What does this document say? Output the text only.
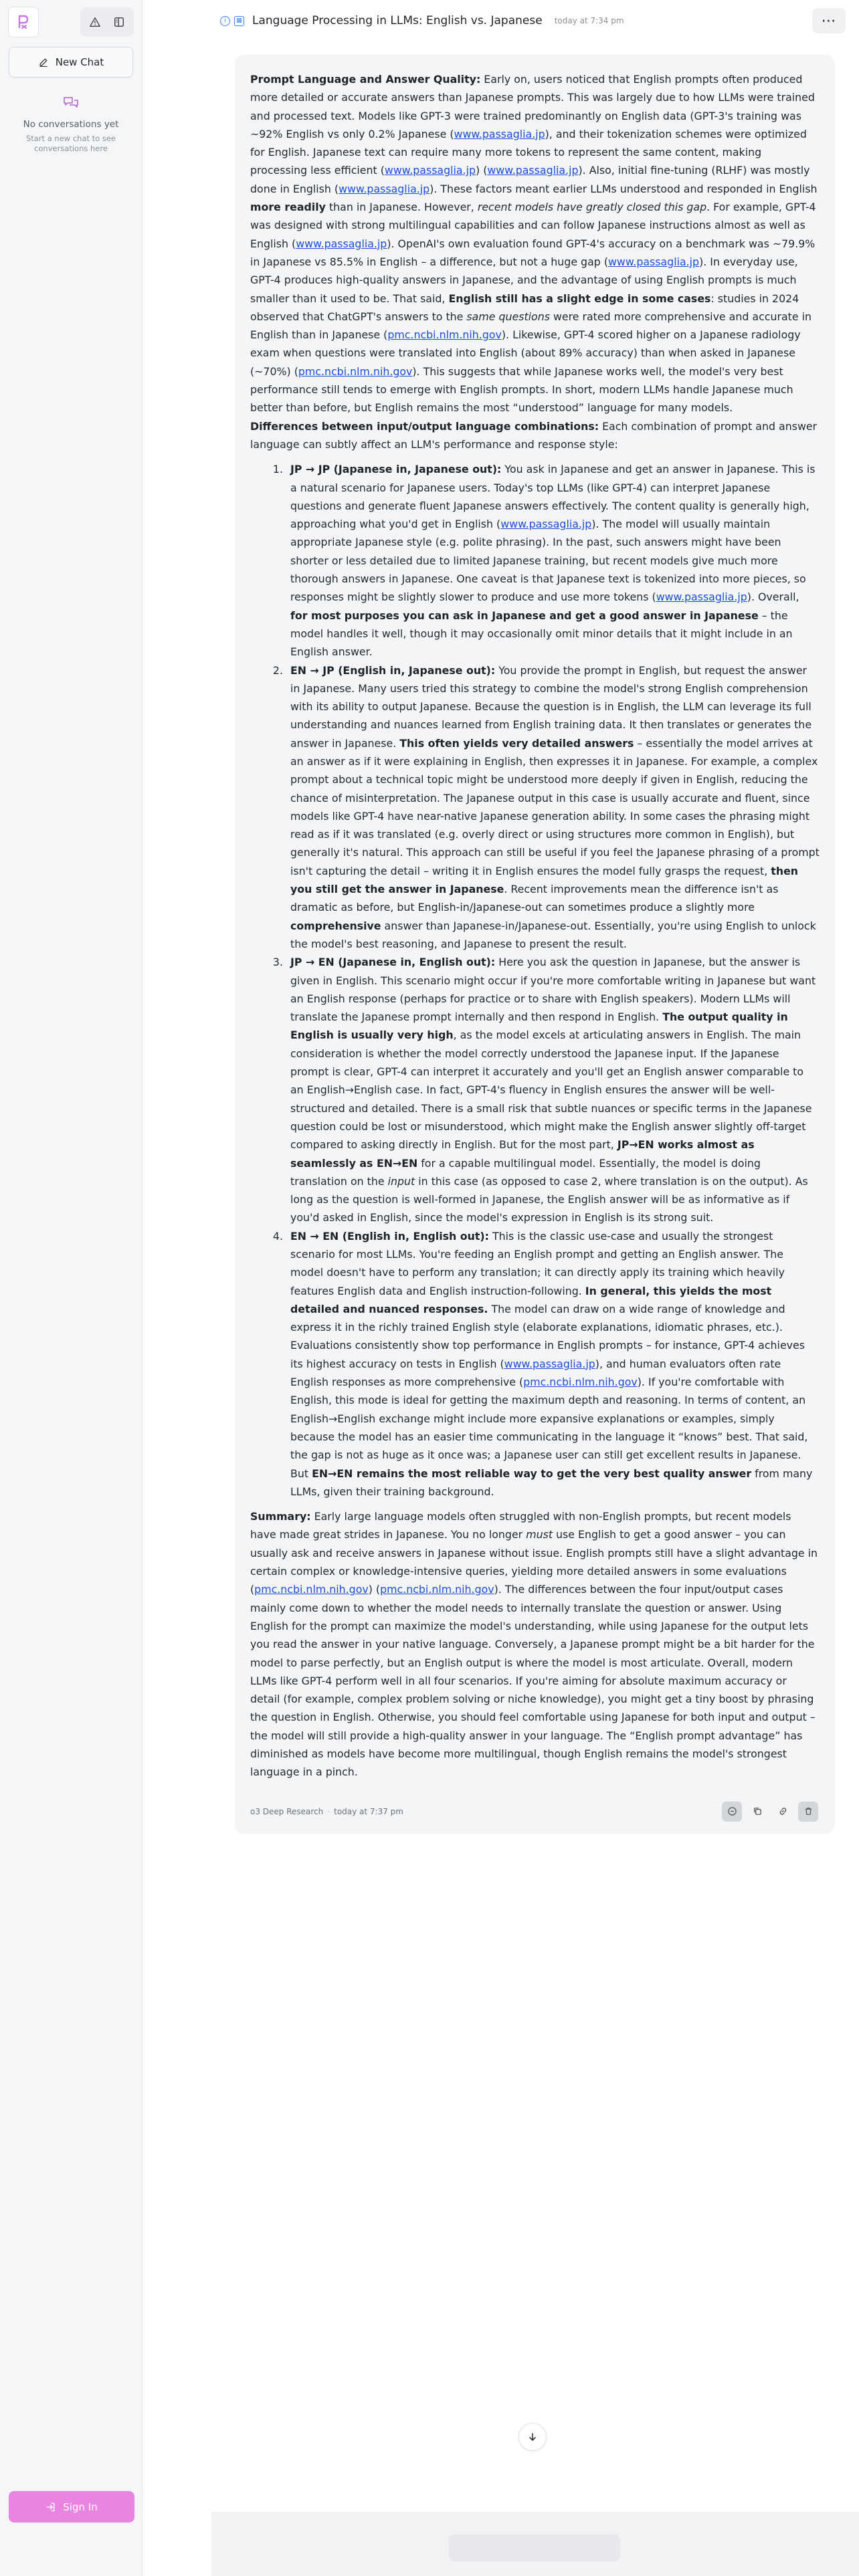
New Chat
No conversations yet
Start a new chat to see conversations here
Sign In
i	▦ Language Processing in LLMs: English vs. Japanese today at 7:34 pm	⋯

Prompt Language and Answer Quality: Early on, users noticed that English prompts often produced more detailed or accurate answers than Japanese prompts. This was largely due to how LLMs were trained and processed text. Models like GPT-3 were trained predominantly on English data (GPT-3's training was ~92% English vs only 0.2% Japanese (www.passaglia.jp), and their tokenization schemes were optimized for English. Japanese text can require many more tokens to represent the same content, making processing less efficient (www.passaglia.jp) (www.passaglia.jp). Also, initial fine-tuning (RLHF) was mostly done in English (www.passaglia.jp). These factors meant earlier LLMs understood and responded in English more readily than in Japanese. However, recent models have greatly closed this gap. For example, GPT-4 was designed with strong multilingual capabilities and can follow Japanese instructions almost as well as English (www.passaglia.jp). OpenAI's own evaluation found GPT-4's accuracy on a benchmark was ~79.9% in Japanese vs 85.5% in English – a difference, but not a huge gap (www.passaglia.jp). In everyday use, GPT-4 produces high-quality answers in Japanese, and the advantage of using English prompts is much smaller than it used to be. That said, English still has a slight edge in some cases: studies in 2024 observed that ChatGPT's answers to the same questions were rated more comprehensive and accurate in English than in Japanese (pmc.ncbi.nlm.nih.gov). Likewise, GPT-4 scored higher on a Japanese radiology exam when questions were translated into English (about 89% accuracy) than when asked in Japanese (~70%) (pmc.ncbi.nlm.nih.gov). This suggests that while Japanese works well, the model's very best performance still tends to emerge with English prompts. In short, modern LLMs handle Japanese much better than before, but English remains the most “understood” language for many models.

Differences between input/output language combinations: Each combination of prompt and answer language can subtly affect an LLM's performance and response style:

1. JP → JP (Japanese in, Japanese out): You ask in Japanese and get an answer in Japanese. This is a natural scenario for Japanese users. Today's top LLMs (like GPT-4) can interpret Japanese questions and generate fluent Japanese answers effectively. The content quality is generally high, approaching what you'd get in English (www.passaglia.jp). The model will usually maintain appropriate Japanese style (e.g. polite phrasing). In the past, such answers might have been shorter or less detailed due to limited Japanese training, but recent models give much more thorough answers in Japanese. One caveat is that Japanese text is tokenized into more pieces, so responses might be slightly slower to produce and use more tokens (www.passaglia.jp). Overall, for most purposes you can ask in Japanese and get a good answer in Japanese – the model handles it well, though it may occasionally omit minor details that it might include in an English answer.
2. EN → JP (English in, Japanese out): You provide the prompt in English, but request the answer in Japanese. Many users tried this strategy to combine the model's strong English comprehension with its ability to output Japanese. Because the question is in English, the LLM can leverage its full understanding and nuances learned from English training data. It then translates or generates the answer in Japanese. This often yields very detailed answers – essentially the model arrives at an answer as if it were explaining in English, then expresses it in Japanese. For example, a complex prompt about a technical topic might be understood more deeply if given in English, reducing the chance of misinterpretation. The Japanese output in this case is usually accurate and fluent, since models like GPT-4 have near-native Japanese generation ability. In some cases the phrasing might read as if it was translated (e.g. overly direct or using structures more common in English), but generally it's natural. This approach can still be useful if you feel the Japanese phrasing of a prompt isn't capturing the detail – writing it in English ensures the model fully grasps the request, then you still get the answer in Japanese. Recent improvements mean the difference isn't as dramatic as before, but English-in/Japanese-out can sometimes produce a slightly more comprehensive answer than Japanese-in/Japanese-out. Essentially, you're using English to unlock the model's best reasoning, and Japanese to present the result.
3. JP → EN (Japanese in, English out): Here you ask the question in Japanese, but the answer is given in English. This scenario might occur if you're more comfortable writing in Japanese but want an English response (perhaps for practice or to share with English speakers). Modern LLMs will translate the Japanese prompt internally and then respond in English. The output quality in English is usually very high, as the model excels at articulating answers in English. The main consideration is whether the model correctly understood the Japanese input. If the Japanese prompt is clear, GPT-4 can interpret it accurately and you'll get an English answer comparable to an English→English case. In fact, GPT-4's fluency in English ensures the answer will be well-structured and detailed. There is a small risk that subtle nuances or specific terms in the Japanese question could be lost or misunderstood, which might make the English answer slightly off-target compared to asking directly in English. But for the most part, JP→EN works almost as seamlessly as EN→EN for a capable multilingual model. Essentially, the model is doing translation on the input in this case (as opposed to case 2, where translation is on the output). As long as the question is well-formed in Japanese, the English answer will be as informative as if you'd asked in English, since the model's expression in English is its strong suit.
4. EN → EN (English in, English out): This is the classic use-case and usually the strongest scenario for most LLMs. You're feeding an English prompt and getting an English answer. The model doesn't have to perform any translation; it can directly apply its training which heavily features English data and English instruction-following. In general, this yields the most detailed and nuanced responses. The model can draw on a wide range of knowledge and express it in the richly trained English style (elaborate explanations, idiomatic phrases, etc.). Evaluations consistently show top performance in English prompts – for instance, GPT-4 achieves its highest accuracy on tests in English (www.passaglia.jp), and human evaluators often rate English responses as more comprehensive (pmc.ncbi.nlm.nih.gov). If you're comfortable with English, this mode is ideal for getting the maximum depth and reasoning. In terms of content, an English→English exchange might include more expansive explanations or examples, simply because the model has an easier time communicating in the language it “knows” best. That said, the gap is not as huge as it once was; a Japanese user can still get excellent results in Japanese. But EN→EN remains the most reliable way to get the very best quality answer from many LLMs, given their training background.

Summary: Early large language models often struggled with non-English prompts, but recent models have made great strides in Japanese. You no longer must use English to get a good answer – you can usually ask and receive answers in Japanese without issue. English prompts still have a slight advantage in certain complex or knowledge-intensive queries, yielding more detailed answers in some evaluations (pmc.ncbi.nlm.nih.gov) (pmc.ncbi.nlm.nih.gov). The differences between the four input/output cases mainly come down to whether the model needs to internally translate the question or answer. Using English for the prompt can maximize the model's understanding, while using Japanese for the output lets you read the answer in your native language. Conversely, a Japanese prompt might be a bit harder for the model to parse perfectly, but an English output is where the model is most articulate. Overall, modern LLMs like GPT-4 perform well in all four scenarios. If you're aiming for absolute maximum accuracy or detail (for example, complex problem solving or niche knowledge), you might get a tiny boost by phrasing the question in English. Otherwise, you should feel comfortable using Japanese for both input and output – the model will still provide a high-quality answer in your language. The “English prompt advantage” has diminished as models have become more multilingual, though English remains the model's strongest language in a pinch.

o3 Deep Research · today at 7:37 pm
